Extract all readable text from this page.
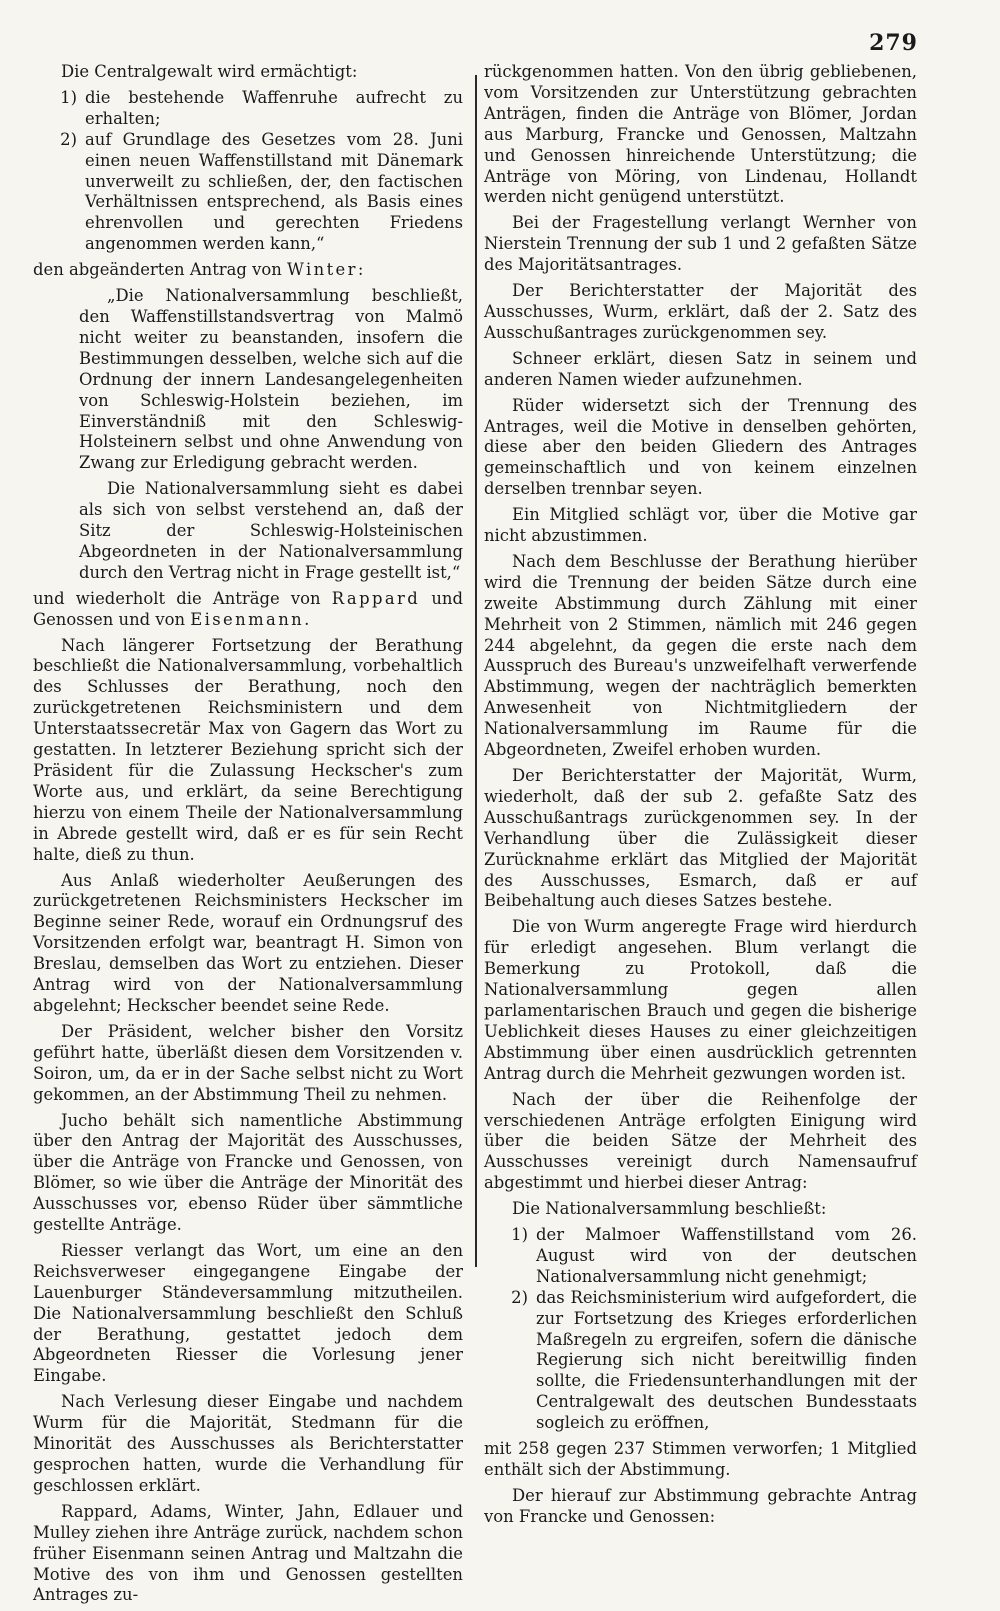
279

Die Centralgewalt wird ermächtigt:

1) die bestehende Waffenruhe aufrecht zu erhalten;
2) auf Grundlage des Gesetzes vom 28. Juni einen neuen Waffenstillstand mit Dänemark unverweilt zu schließen, der, den factischen Verhältnissen entsprechend, als Basis eines ehrenvollen und gerechten Friedens angenommen werden kann,“

den abgeänderten Antrag von Winter:

„Die Nationalversammlung beschließt, den Waffenstillstandsvertrag von Malmö nicht weiter zu beanstanden, insofern die Bestimmungen desselben, welche sich auf die Ordnung der innern Landesangelegenheiten von Schleswig-Holstein beziehen, im Einverständniß mit den Schleswig-Holsteinern selbst und ohne Anwendung von Zwang zur Erledigung gebracht werden.

Die Nationalversammlung sieht es dabei als sich von selbst verstehend an, daß der Sitz der Schleswig-Holsteinischen Abgeordneten in der Nationalversammlung durch den Vertrag nicht in Frage gestellt ist,“

und wiederholt die Anträge von Rappard und Genossen und von Eisenmann.

Nach längerer Fortsetzung der Berathung beschließt die Nationalversammlung, vorbehaltlich des Schlusses der Berathung, noch den zurückgetretenen Reichsministern und dem Unterstaatssecretär Max von Gagern das Wort zu gestatten. In letzterer Beziehung spricht sich der Präsident für die Zulassung Heckscher's zum Worte aus, und erklärt, da seine Berechtigung hierzu von einem Theile der Nationalversammlung in Abrede gestellt wird, daß er es für sein Recht halte, dieß zu thun.

Aus Anlaß wiederholter Aeußerungen des zurückgetretenen Reichsministers Heckscher im Beginne seiner Rede, worauf ein Ordnungsruf des Vorsitzenden erfolgt war, beantragt H. Simon von Breslau, demselben das Wort zu entziehen. Dieser Antrag wird von der Nationalversammlung abgelehnt; Heckscher beendet seine Rede.

Der Präsident, welcher bisher den Vorsitz geführt hatte, überläßt diesen dem Vorsitzenden v. Soiron, um, da er in der Sache selbst nicht zu Wort gekommen, an der Abstimmung Theil zu nehmen.

Jucho behält sich namentliche Abstimmung über den Antrag der Majorität des Ausschusses, über die Anträge von Francke und Genossen, von Blömer, so wie über die Anträge der Minorität des Ausschusses vor, ebenso Rüder über sämmtliche gestellte Anträge.

Riesser verlangt das Wort, um eine an den Reichsverweser eingegangene Eingabe der Lauenburger Ständeversammlung mitzutheilen. Die Nationalversammlung beschließt den Schluß der Berathung, gestattet jedoch dem Abgeordneten Riesser die Vorlesung jener Eingabe.

Nach Verlesung dieser Eingabe und nachdem Wurm für die Majorität, Stedmann für die Minorität des Ausschusses als Berichterstatter gesprochen hatten, wurde die Verhandlung für geschlossen erklärt.

Rappard, Adams, Winter, Jahn, Edlauer und Mulley ziehen ihre Anträge zurück, nachdem schon früher Eisenmann seinen Antrag und Maltzahn die Motive des von ihm und Genossen gestellten Antrages zu-

rückgenommen hatten. Von den übrig gebliebenen, vom Vorsitzenden zur Unterstützung gebrachten Anträgen, finden die Anträge von Blömer, Jordan aus Marburg, Francke und Genossen, Maltzahn und Genossen hinreichende Unterstützung; die Anträge von Möring, von Lindenau, Hollandt werden nicht genügend unterstützt.

Bei der Fragestellung verlangt Wernher von Nierstein Trennung der sub 1 und 2 gefaßten Sätze des Majoritätsantrages.

Der Berichterstatter der Majorität des Ausschusses, Wurm, erklärt, daß der 2. Satz des Ausschußantrages zurückgenommen sey.

Schneer erklärt, diesen Satz in seinem und anderen Namen wieder aufzunehmen.

Rüder widersetzt sich der Trennung des Antrages, weil die Motive in denselben gehörten, diese aber den beiden Gliedern des Antrages gemeinschaftlich und von keinem einzelnen derselben trennbar seyen.

Ein Mitglied schlägt vor, über die Motive gar nicht abzustimmen.

Nach dem Beschlusse der Berathung hierüber wird die Trennung der beiden Sätze durch eine zweite Abstimmung durch Zählung mit einer Mehrheit von 2 Stimmen, nämlich mit 246 gegen 244 abgelehnt, da gegen die erste nach dem Ausspruch des Bureau's unzweifelhaft verwerfende Abstimmung, wegen der nachträglich bemerkten Anwesenheit von Nichtmitgliedern der Nationalversammlung im Raume für die Abgeordneten, Zweifel erhoben wurden.

Der Berichterstatter der Majorität, Wurm, wiederholt, daß der sub 2. gefaßte Satz des Ausschußantrags zurückgenommen sey. In der Verhandlung über die Zulässigkeit dieser Zurücknahme erklärt das Mitglied der Majorität des Ausschusses, Esmarch, daß er auf Beibehaltung auch dieses Satzes bestehe.

Die von Wurm angeregte Frage wird hierdurch für erledigt angesehen. Blum verlangt die Bemerkung zu Protokoll, daß die Nationalversammlung gegen allen parlamentarischen Brauch und gegen die bisherige Ueblichkeit dieses Hauses zu einer gleichzeitigen Abstimmung über einen ausdrücklich getrennten Antrag durch die Mehrheit gezwungen worden ist.

Nach der über die Reihenfolge der verschiedenen Anträge erfolgten Einigung wird über die beiden Sätze der Mehrheit des Ausschusses vereinigt durch Namensaufruf abgestimmt und hierbei dieser Antrag:

Die Nationalversammlung beschließt:

1) der Malmoer Waffenstillstand vom 26. August wird von der deutschen Nationalversammlung nicht genehmigt;
2) das Reichsministerium wird aufgefordert, die zur Fortsetzung des Krieges erforderlichen Maßregeln zu ergreifen, sofern die dänische Regierung sich nicht bereitwillig finden sollte, die Friedensunterhandlungen mit der Centralgewalt des deutschen Bundesstaats sogleich zu eröffnen,

mit 258 gegen 237 Stimmen verworfen; 1 Mitglied enthält sich der Abstimmung.

Der hierauf zur Abstimmung gebrachte Antrag von Francke und Genossen:
